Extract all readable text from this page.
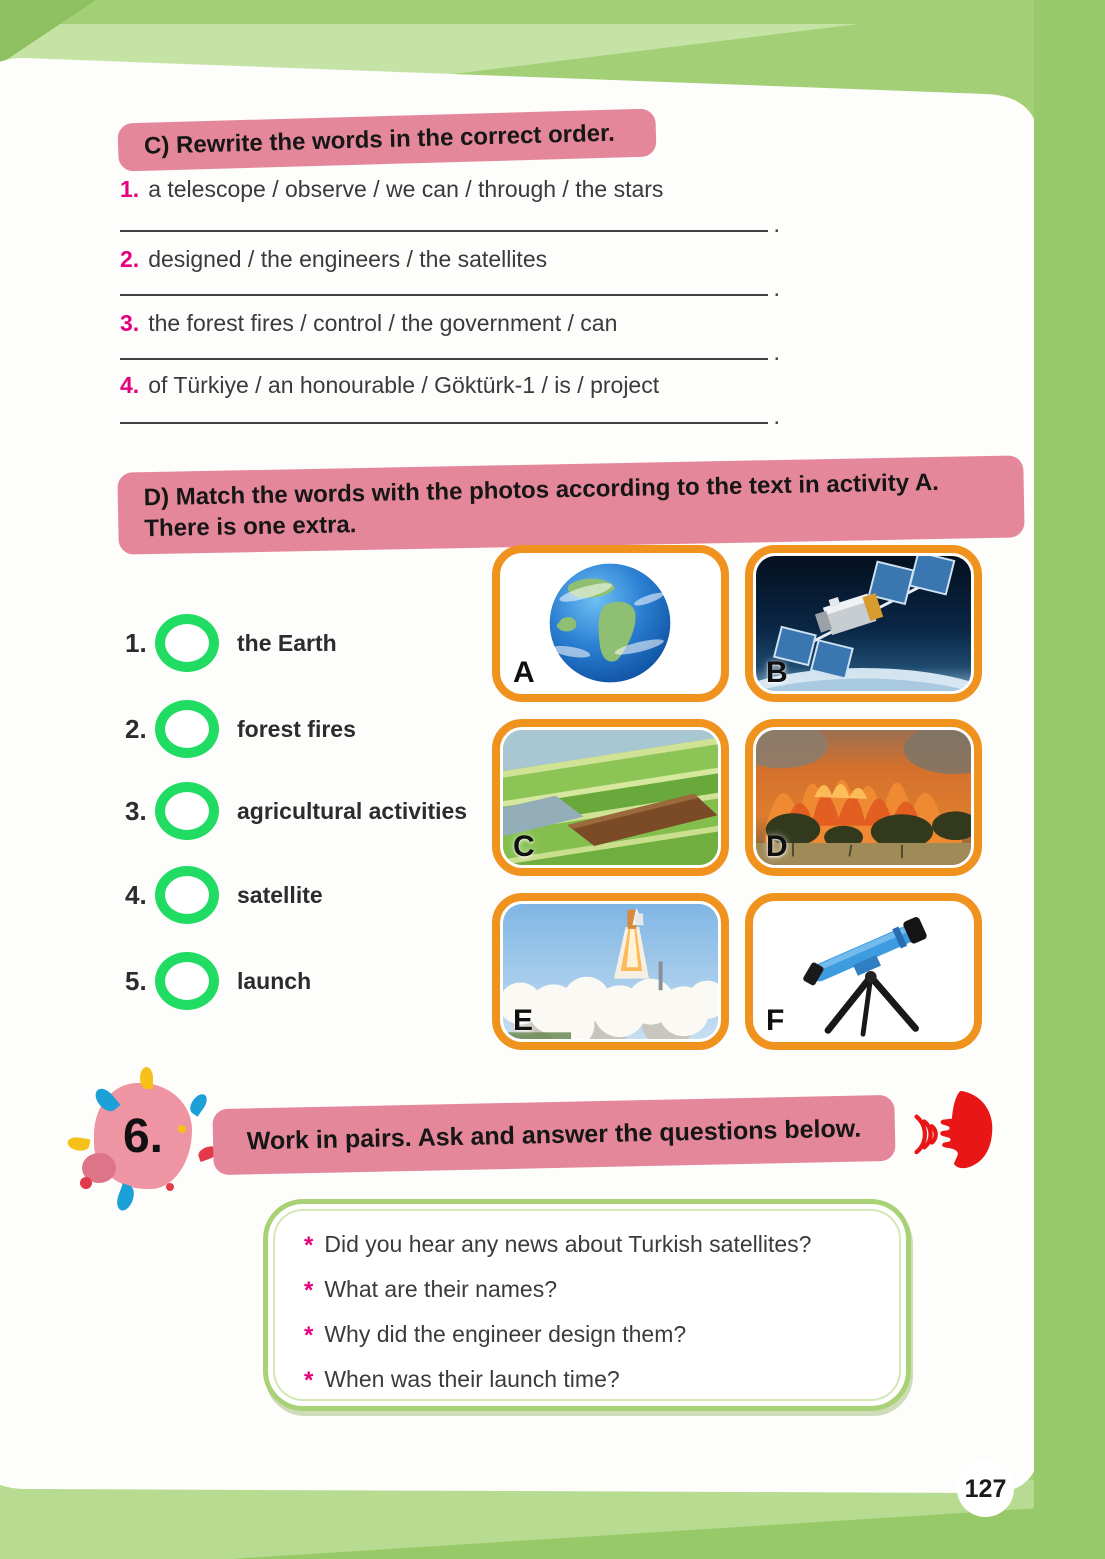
C) Rewrite the words in the correct order.
1. a telescope / observe / we can / through / the stars
.
2. designed / the engineers / the satellites
.
3. the forest fires / control / the government / can
.
4. of Türkiye / an honourable / Göktürk-1 / is / project
.
D) Match the words with the photos according to the text in activity A.
There is one extra.
1.	the Earth
2.	forest fires
3.	agricultural activities
4.	satellite
5.	launch
A	B
C	D
E	F
6.	Work in pairs. Ask and answer the questions below.
* Did you hear any news about Turkish satellites?
* What are their names?
* Why did the engineer design them?
* When was their launch time?
127
